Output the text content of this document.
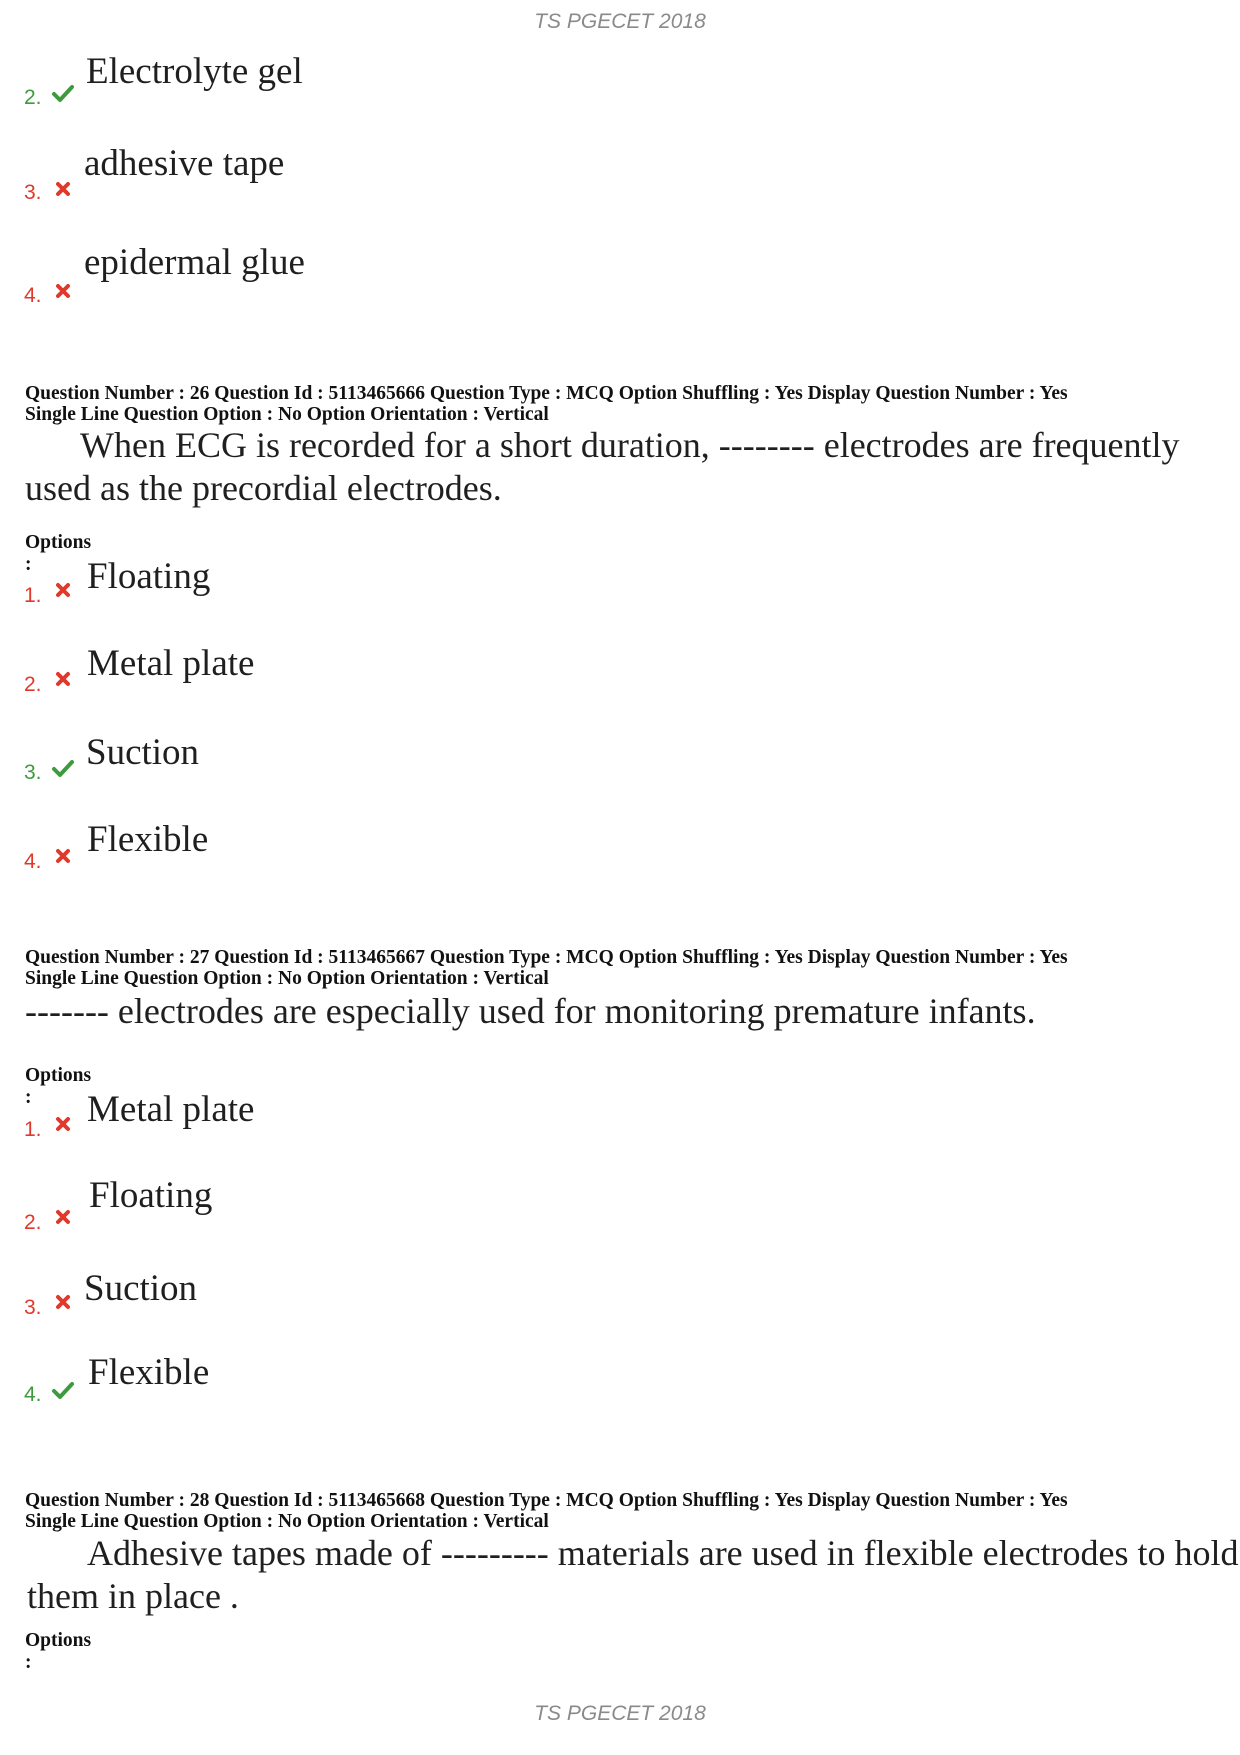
TS PGECET 2018
2.
Electrolyte gel
3.
adhesive tape
4.
epidermal glue
Question Number : 26 Question Id : 5113465666 Question Type : MCQ Option Shuffling : Yes Display Question Number : Yes
Single Line Question Option : No Option Orientation : Vertical
When ECG is recorded for a short duration, -------- electrodes are frequently
used as the precordial electrodes.
Options :
1. Floating
2.
Metal plate
3. Suction
4.
Flexible
Question Number : 27 Question Id : 5113465667 Question Type : MCQ Option Shuffling : Yes Display Question Number : Yes
Single Line Question Option : No Option Orientation : Vertical
------- electrodes are especially used for monitoring premature infants.
Options :
1. Metal plate
2.
Floating
3. Suction
4.
Flexible
Question Number : 28 Question Id : 5113465668 Question Type : MCQ Option Shuffling : Yes Display Question Number : Yes
Single Line Question Option : No Option Orientation : Vertical
Adhesive tapes made of --------- materials are used in flexible electrodes to hold
them in place .
Options :
TS PGECET 2018
